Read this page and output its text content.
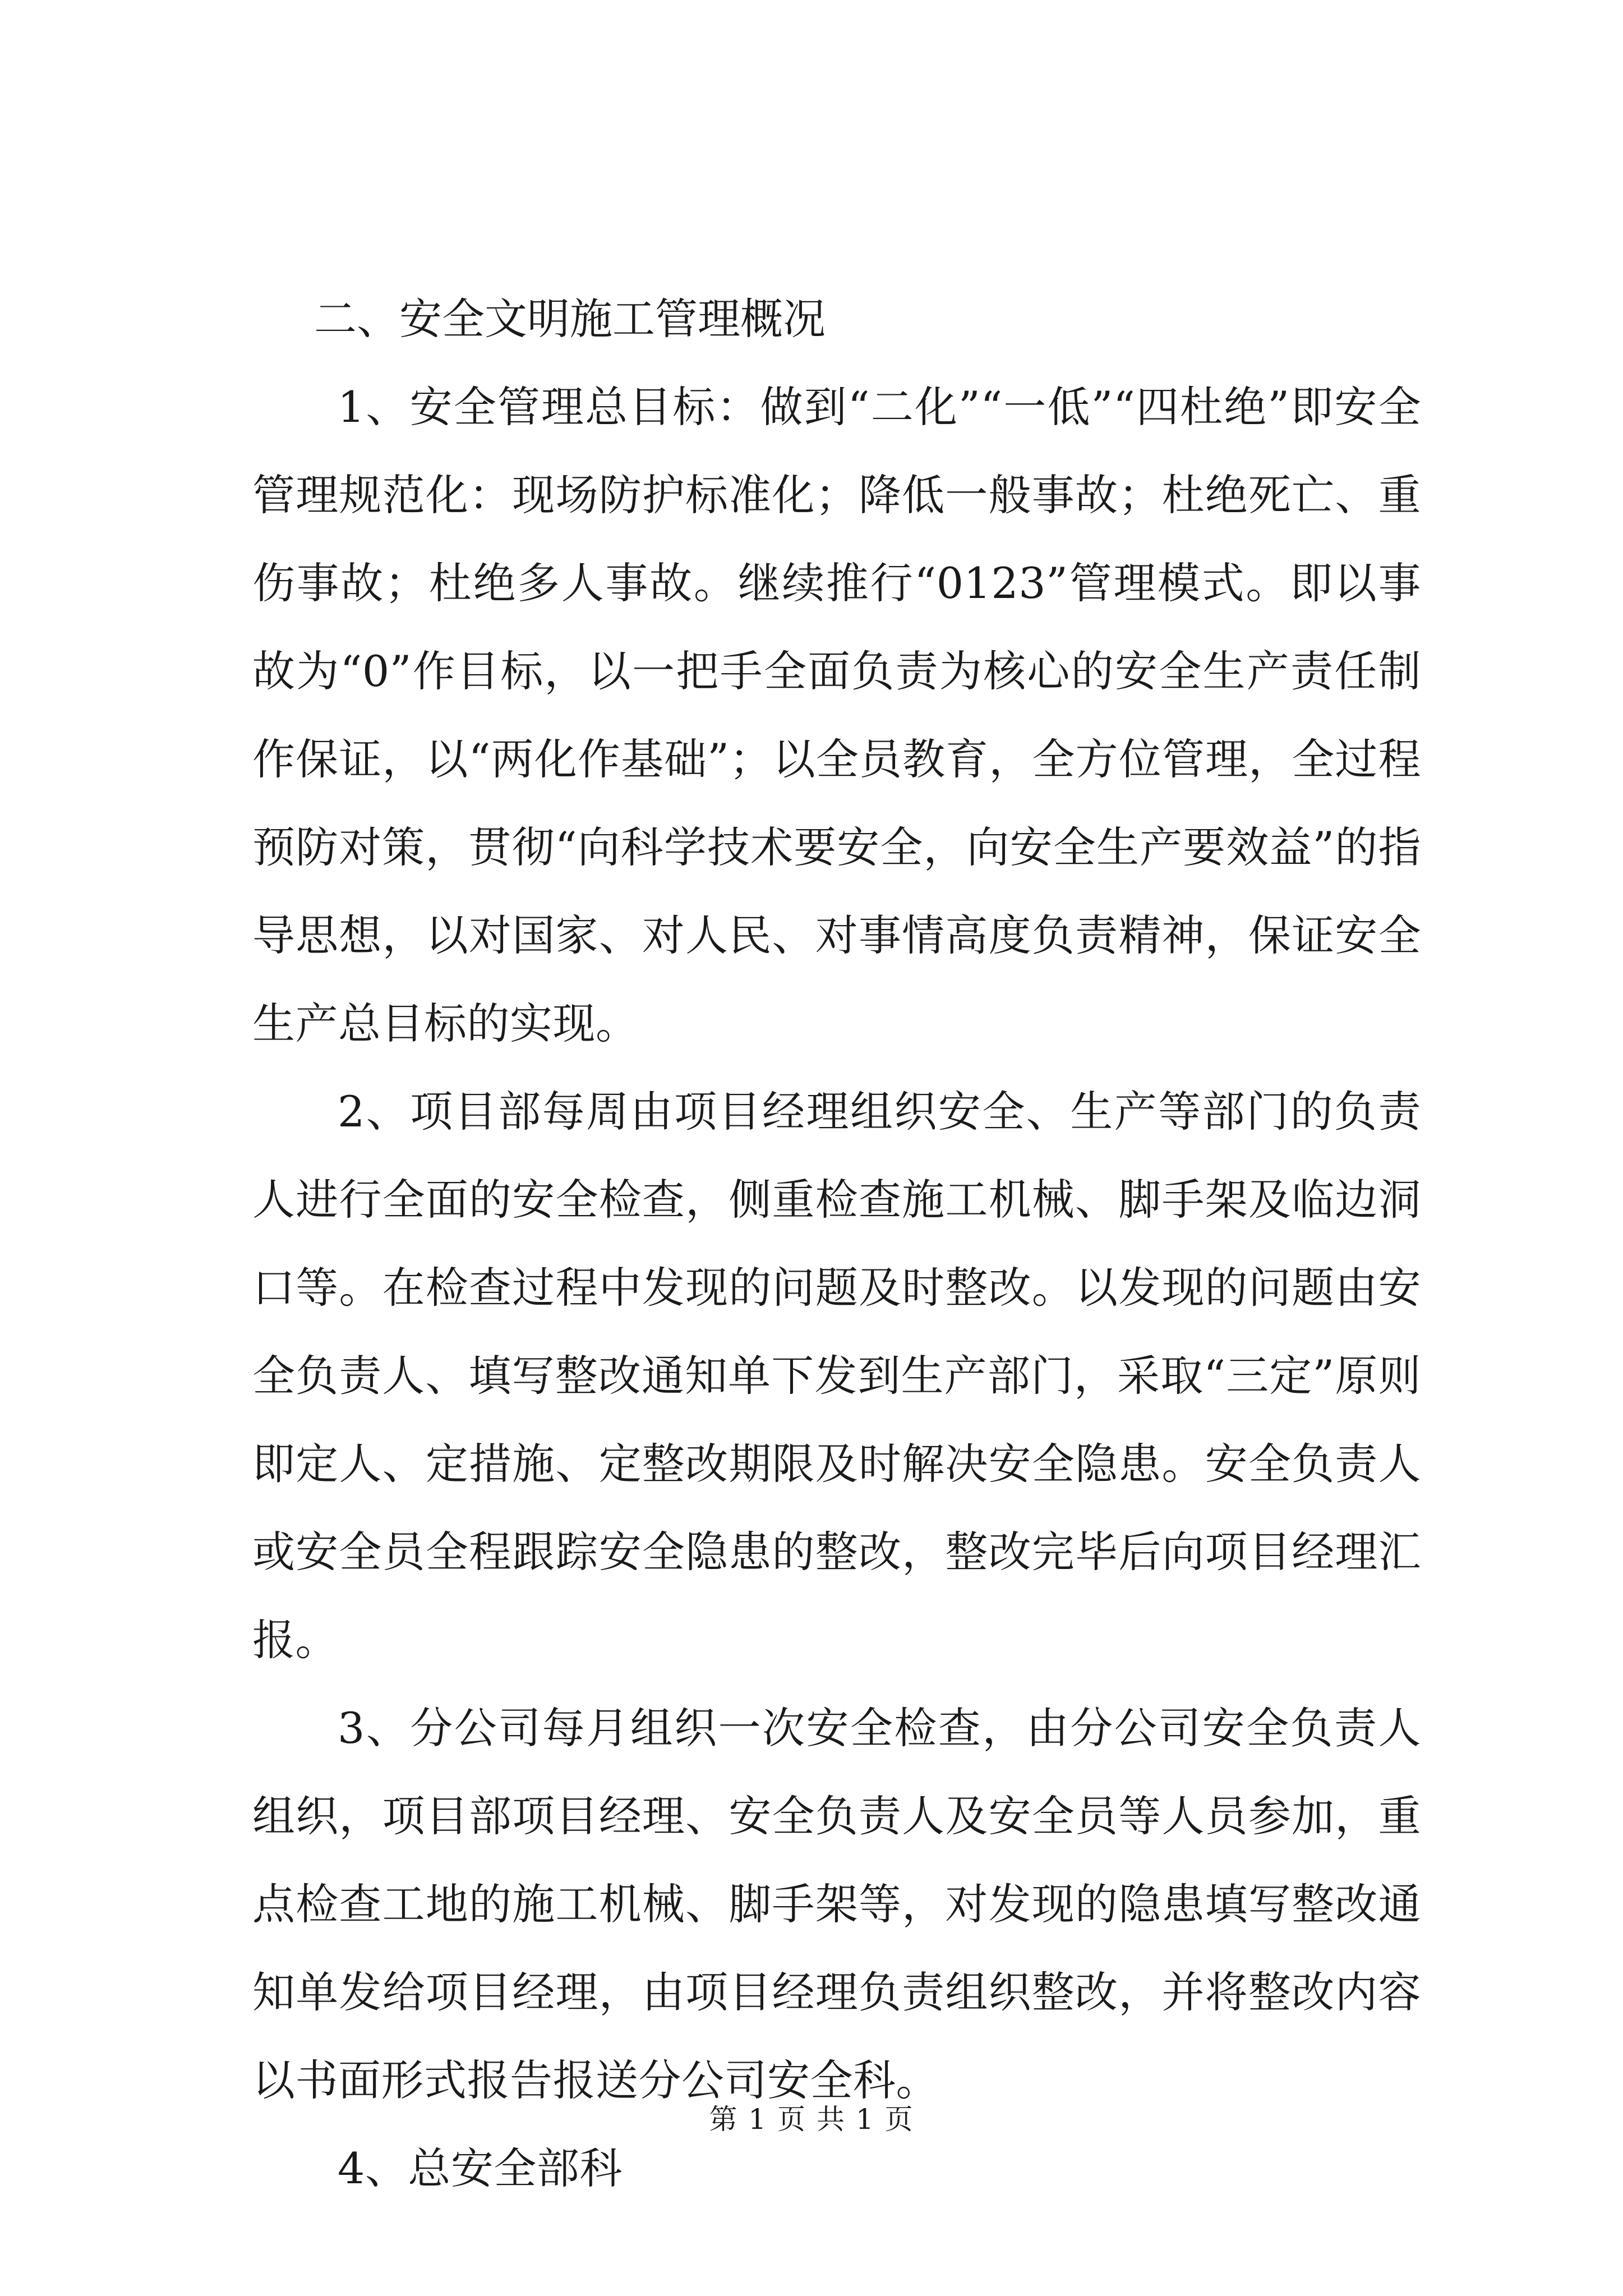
二、安全文明施工管理概况

1、安全管理总目标：做到“二化”“一低”“四杜绝”即安全管理规范化：现场防护标准化；降低一般事故；杜绝死亡、重伤事故；杜绝多人事故。继续推行“0123”管理模式。即以事故为“0”作目标，以一把手全面负责为核心的安全生产责任制作保证，以“两化作基础”；以全员教育，全方位管理，全过程预防对策，贯彻“向科学技术要安全，向安全生产要效益”的指导思想，以对国家、对人民、对事情高度负责精神，保证安全生产总目标的实现。

2、项目部每周由项目经理组织安全、生产等部门的负责人进行全面的安全检查，侧重检查施工机械、脚手架及临边洞口等。在检查过程中发现的问题及时整改。以发现的问题由安全负责人、填写整改通知单下发到生产部门，采取“三定”原则即定人、定措施、定整改期限及时解决安全隐患。安全负责人或安全员全程跟踪安全隐患的整改，整改完毕后向项目经理汇报。

3、分公司每月组织一次安全检查，由分公司安全负责人组织，项目部项目经理、安全负责人及安全员等人员参加，重点检查工地的施工机械、脚手架等，对发现的隐患填写整改通知单发给项目经理，由项目经理负责组织整改，并将整改内容以书面形式报告报送分公司安全科。

4、总安全部科

第 1 页 共 1 页
